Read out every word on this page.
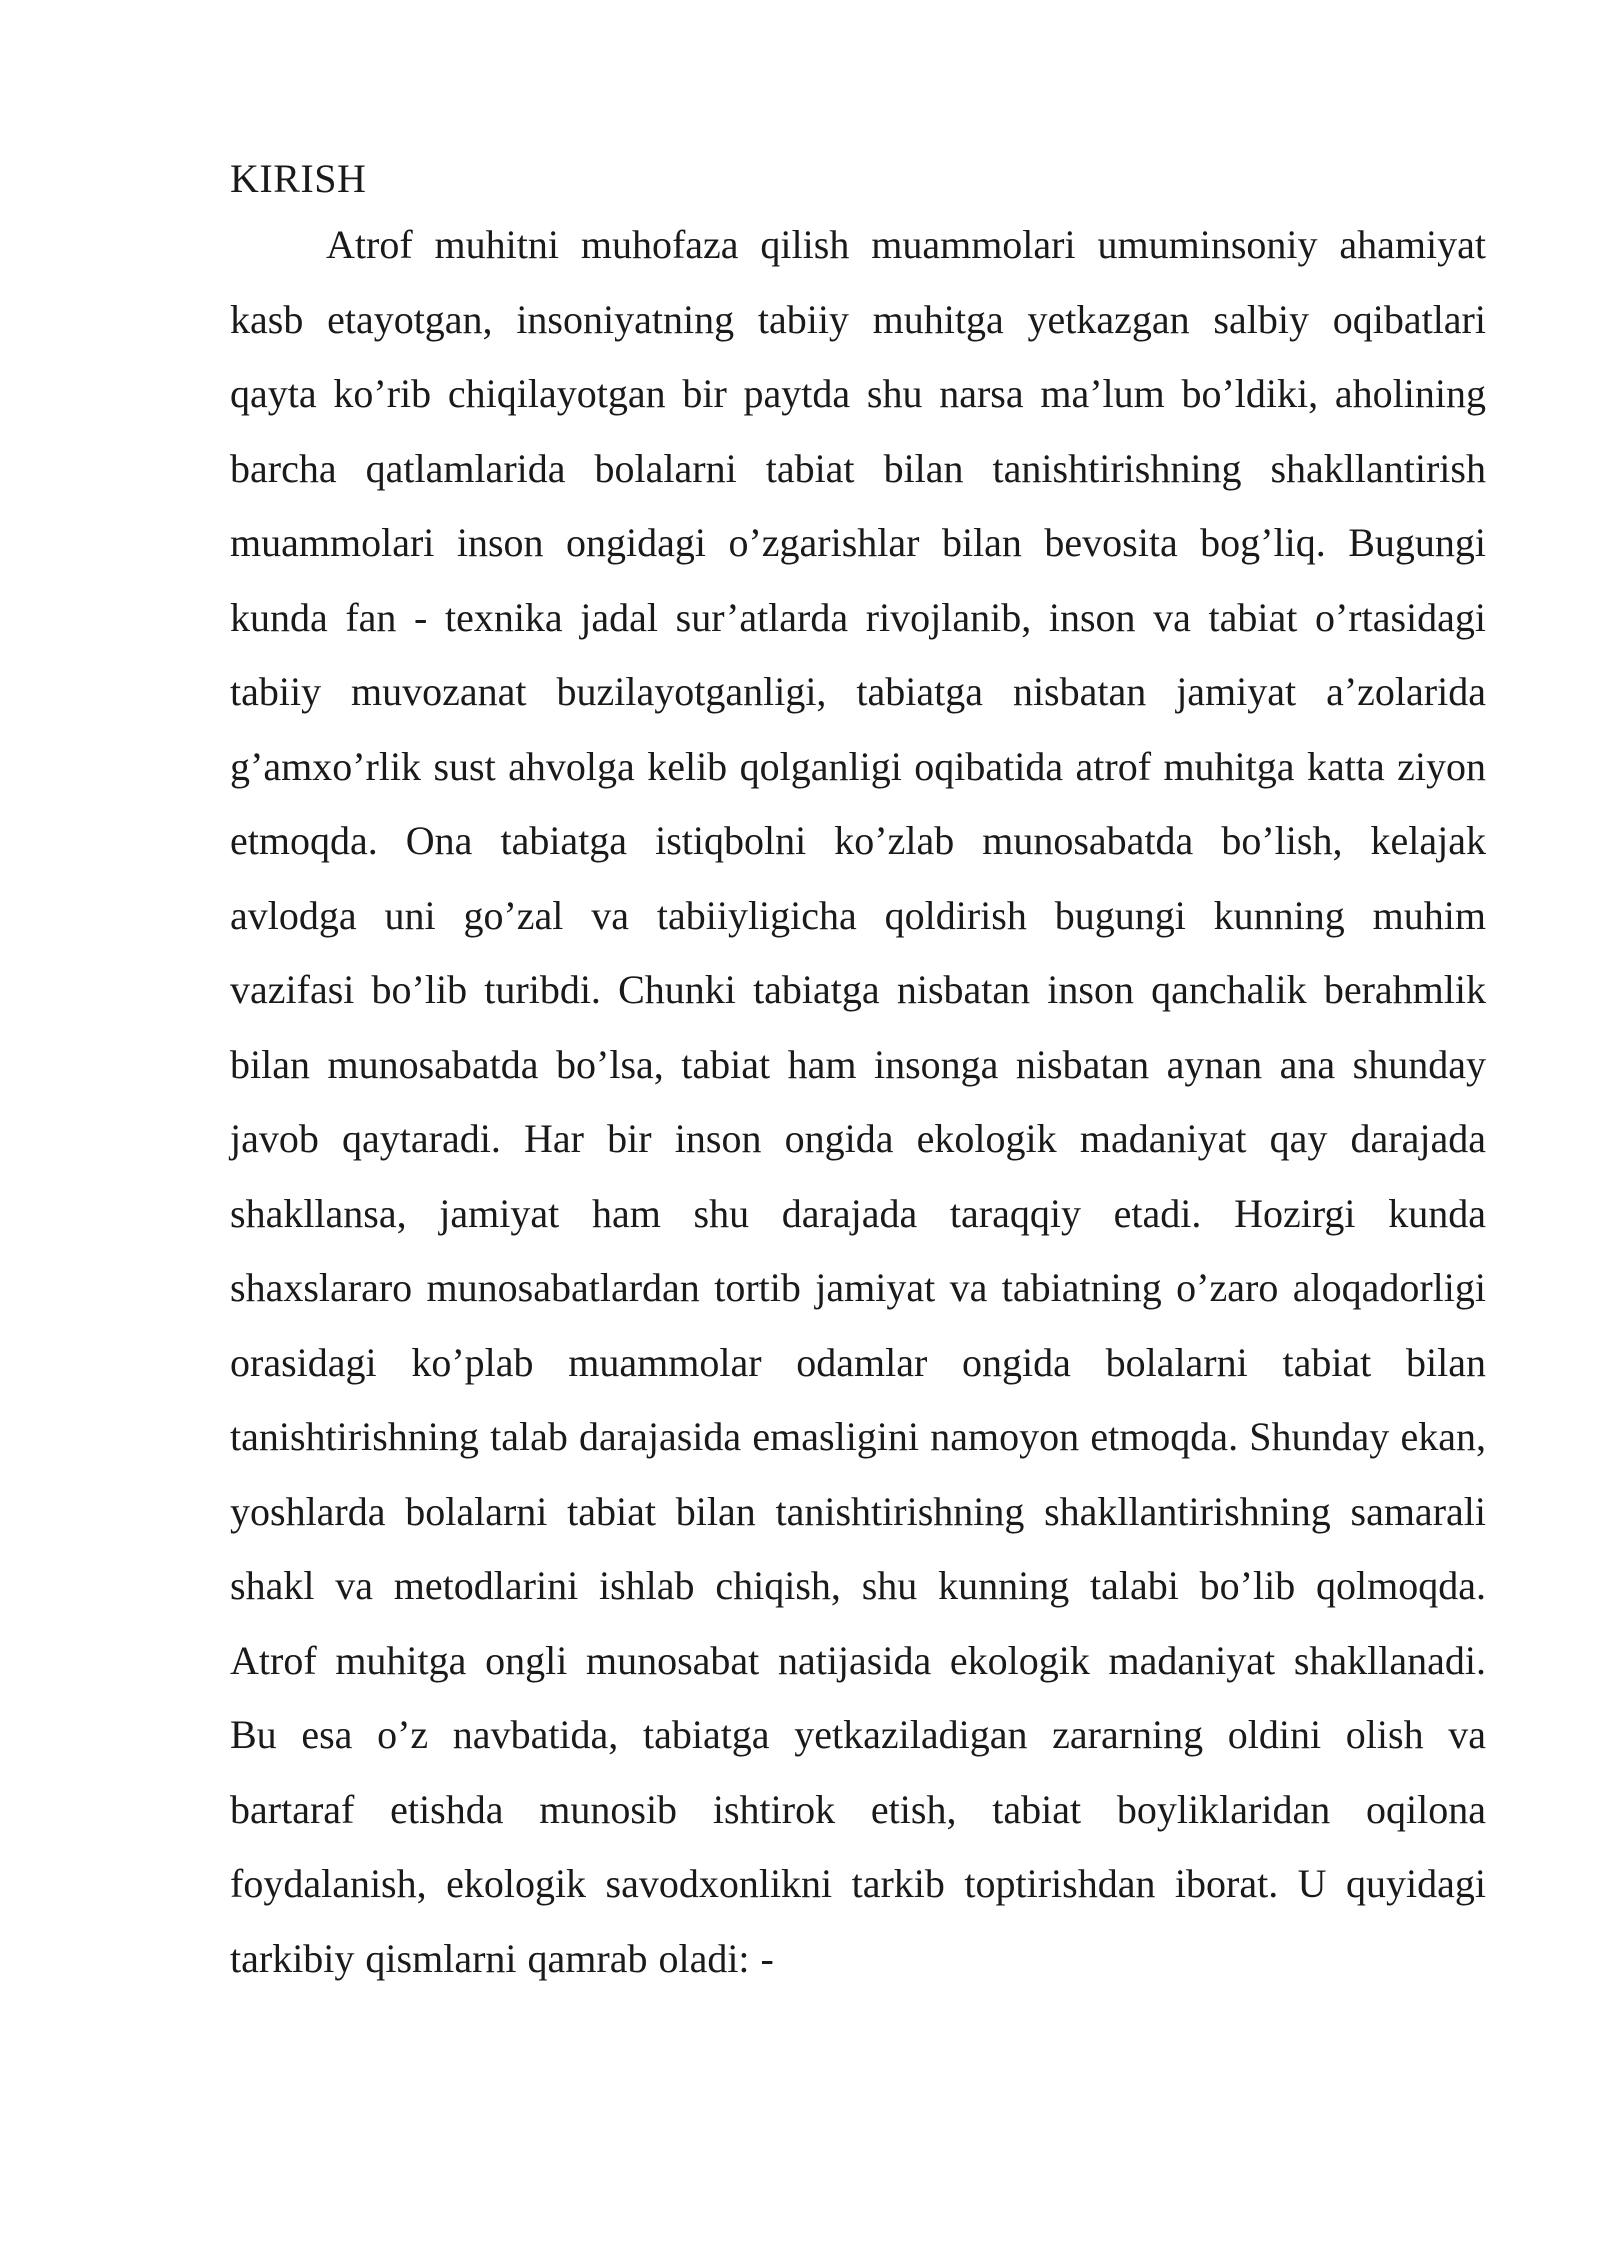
KIRISH

Atrof muhitni muhofaza qilish muammolari umuminsoniy ahamiyat kasb etayotgan, insoniyatning tabiiy muhitga yetkazgan salbiy oqibatlari qayta ko’rib chiqilayotgan bir paytda shu narsa ma’lum bo’ldiki, aholining barcha qatlamlarida bolalarni tabiat bilan tanishtirishning shakllantirish muammolari inson ongidagi o’zgarishlar bilan bevosita bog’liq. Bugungi kunda fan - texnika jadal sur’atlarda rivojlanib, inson va tabiat o’rtasidagi tabiiy muvozanat buzilayotganligi, tabiatga nisbatan jamiyat a’zolarida g’amxo’rlik sust ahvolga kelib qolganligi oqibatida atrof muhitga katta ziyon etmoqda. Ona tabiatga istiqbolni ko’zlab munosabatda bo’lish, kelajak avlodga uni go’zal va tabiiyligicha qoldirish bugungi kunning muhim vazifasi bo’lib turibdi. Chunki tabiatga nisbatan inson qanchalik berahmlik bilan munosabatda bo’lsa, tabiat ham insonga nisbatan aynan ana shunday javob qaytaradi. Har bir inson ongida ekologik madaniyat qay darajada shakllansa, jamiyat ham shu darajada taraqqiy etadi. Hozirgi kunda shaxslararo munosabatlardan tortib jamiyat va tabiatning o’zaro aloqadorligi orasidagi ko’plab muammolar odamlar ongida bolalarni tabiat bilan tanishtirishning talab darajasida emasligini namoyon etmoqda. Shunday ekan, yoshlarda bolalarni tabiat bilan tanishtirishning shakllantirishning samarali shakl va metodlarini ishlab chiqish, shu kunning talabi bo’lib qolmoqda. Atrof muhitga ongli munosabat natijasida ekologik madaniyat shakllanadi. Bu esa o’z navbatida, tabiatga yetkaziladigan zararning oldini olish va bartaraf etishda munosib ishtirok etish, tabiat boyliklaridan oqilona foydalanish, ekologik savodxonlikni tarkib toptirishdan iborat. U quyidagi tarkibiy qismlarni qamrab oladi: -
